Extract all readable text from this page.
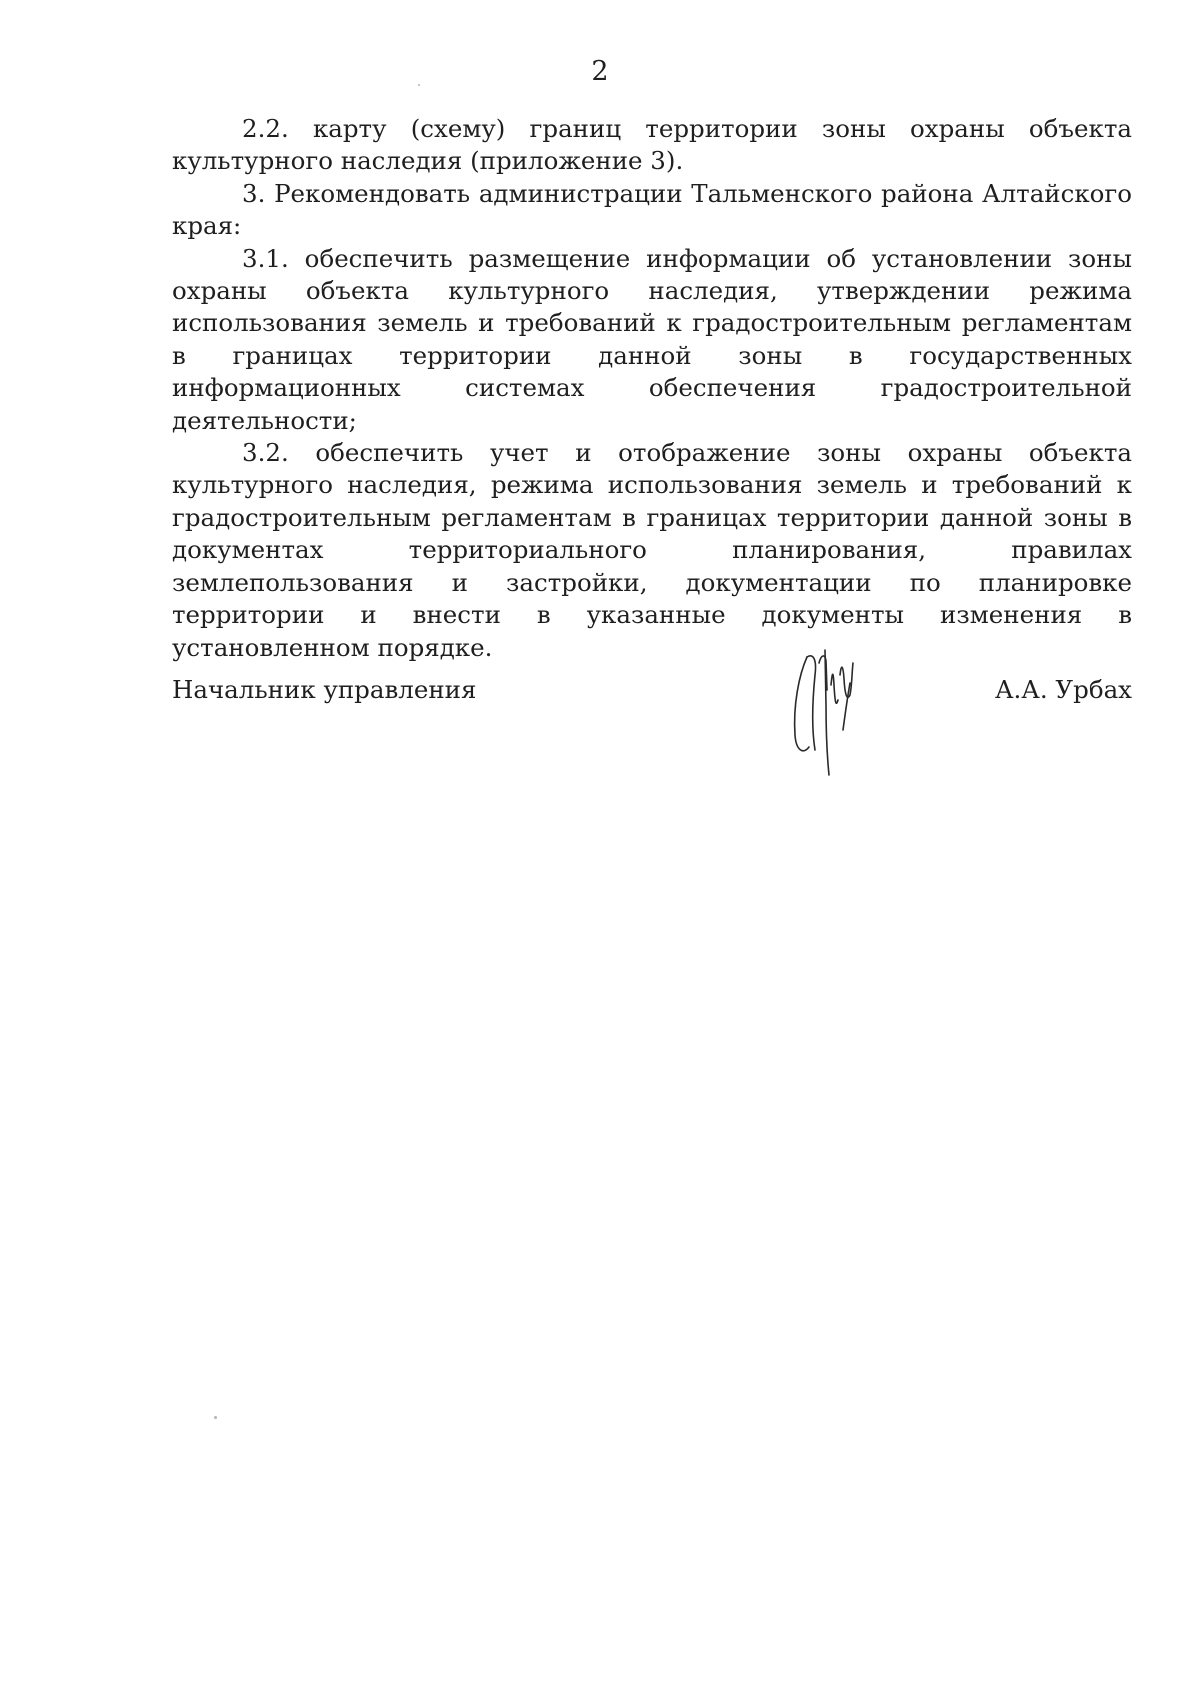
2

2.2. карту (схему) границ территории зоны охраны объекта культурного наследия (приложение 3).

3. Рекомендовать администрации Тальменского района Алтайского края:

3.1. обеспечить размещение информации об установлении зоны охраны объекта культурного наследия, утверждении режима использования земель и требований к градостроительным регламентам в границах территории данной зоны в государственных информационных системах обеспечения градостроительной деятельности;

3.2. обеспечить учет и отображение зоны охраны объекта культурного наследия, режима использования земель и требований к градостроительным регламентам в границах территории данной зоны в документах территориального планирования, правилах землепользования и застройки, документации по планировке территории и внести в указанные документы изменения в установленном порядке.

Начальник управления	А.А. Урбах
